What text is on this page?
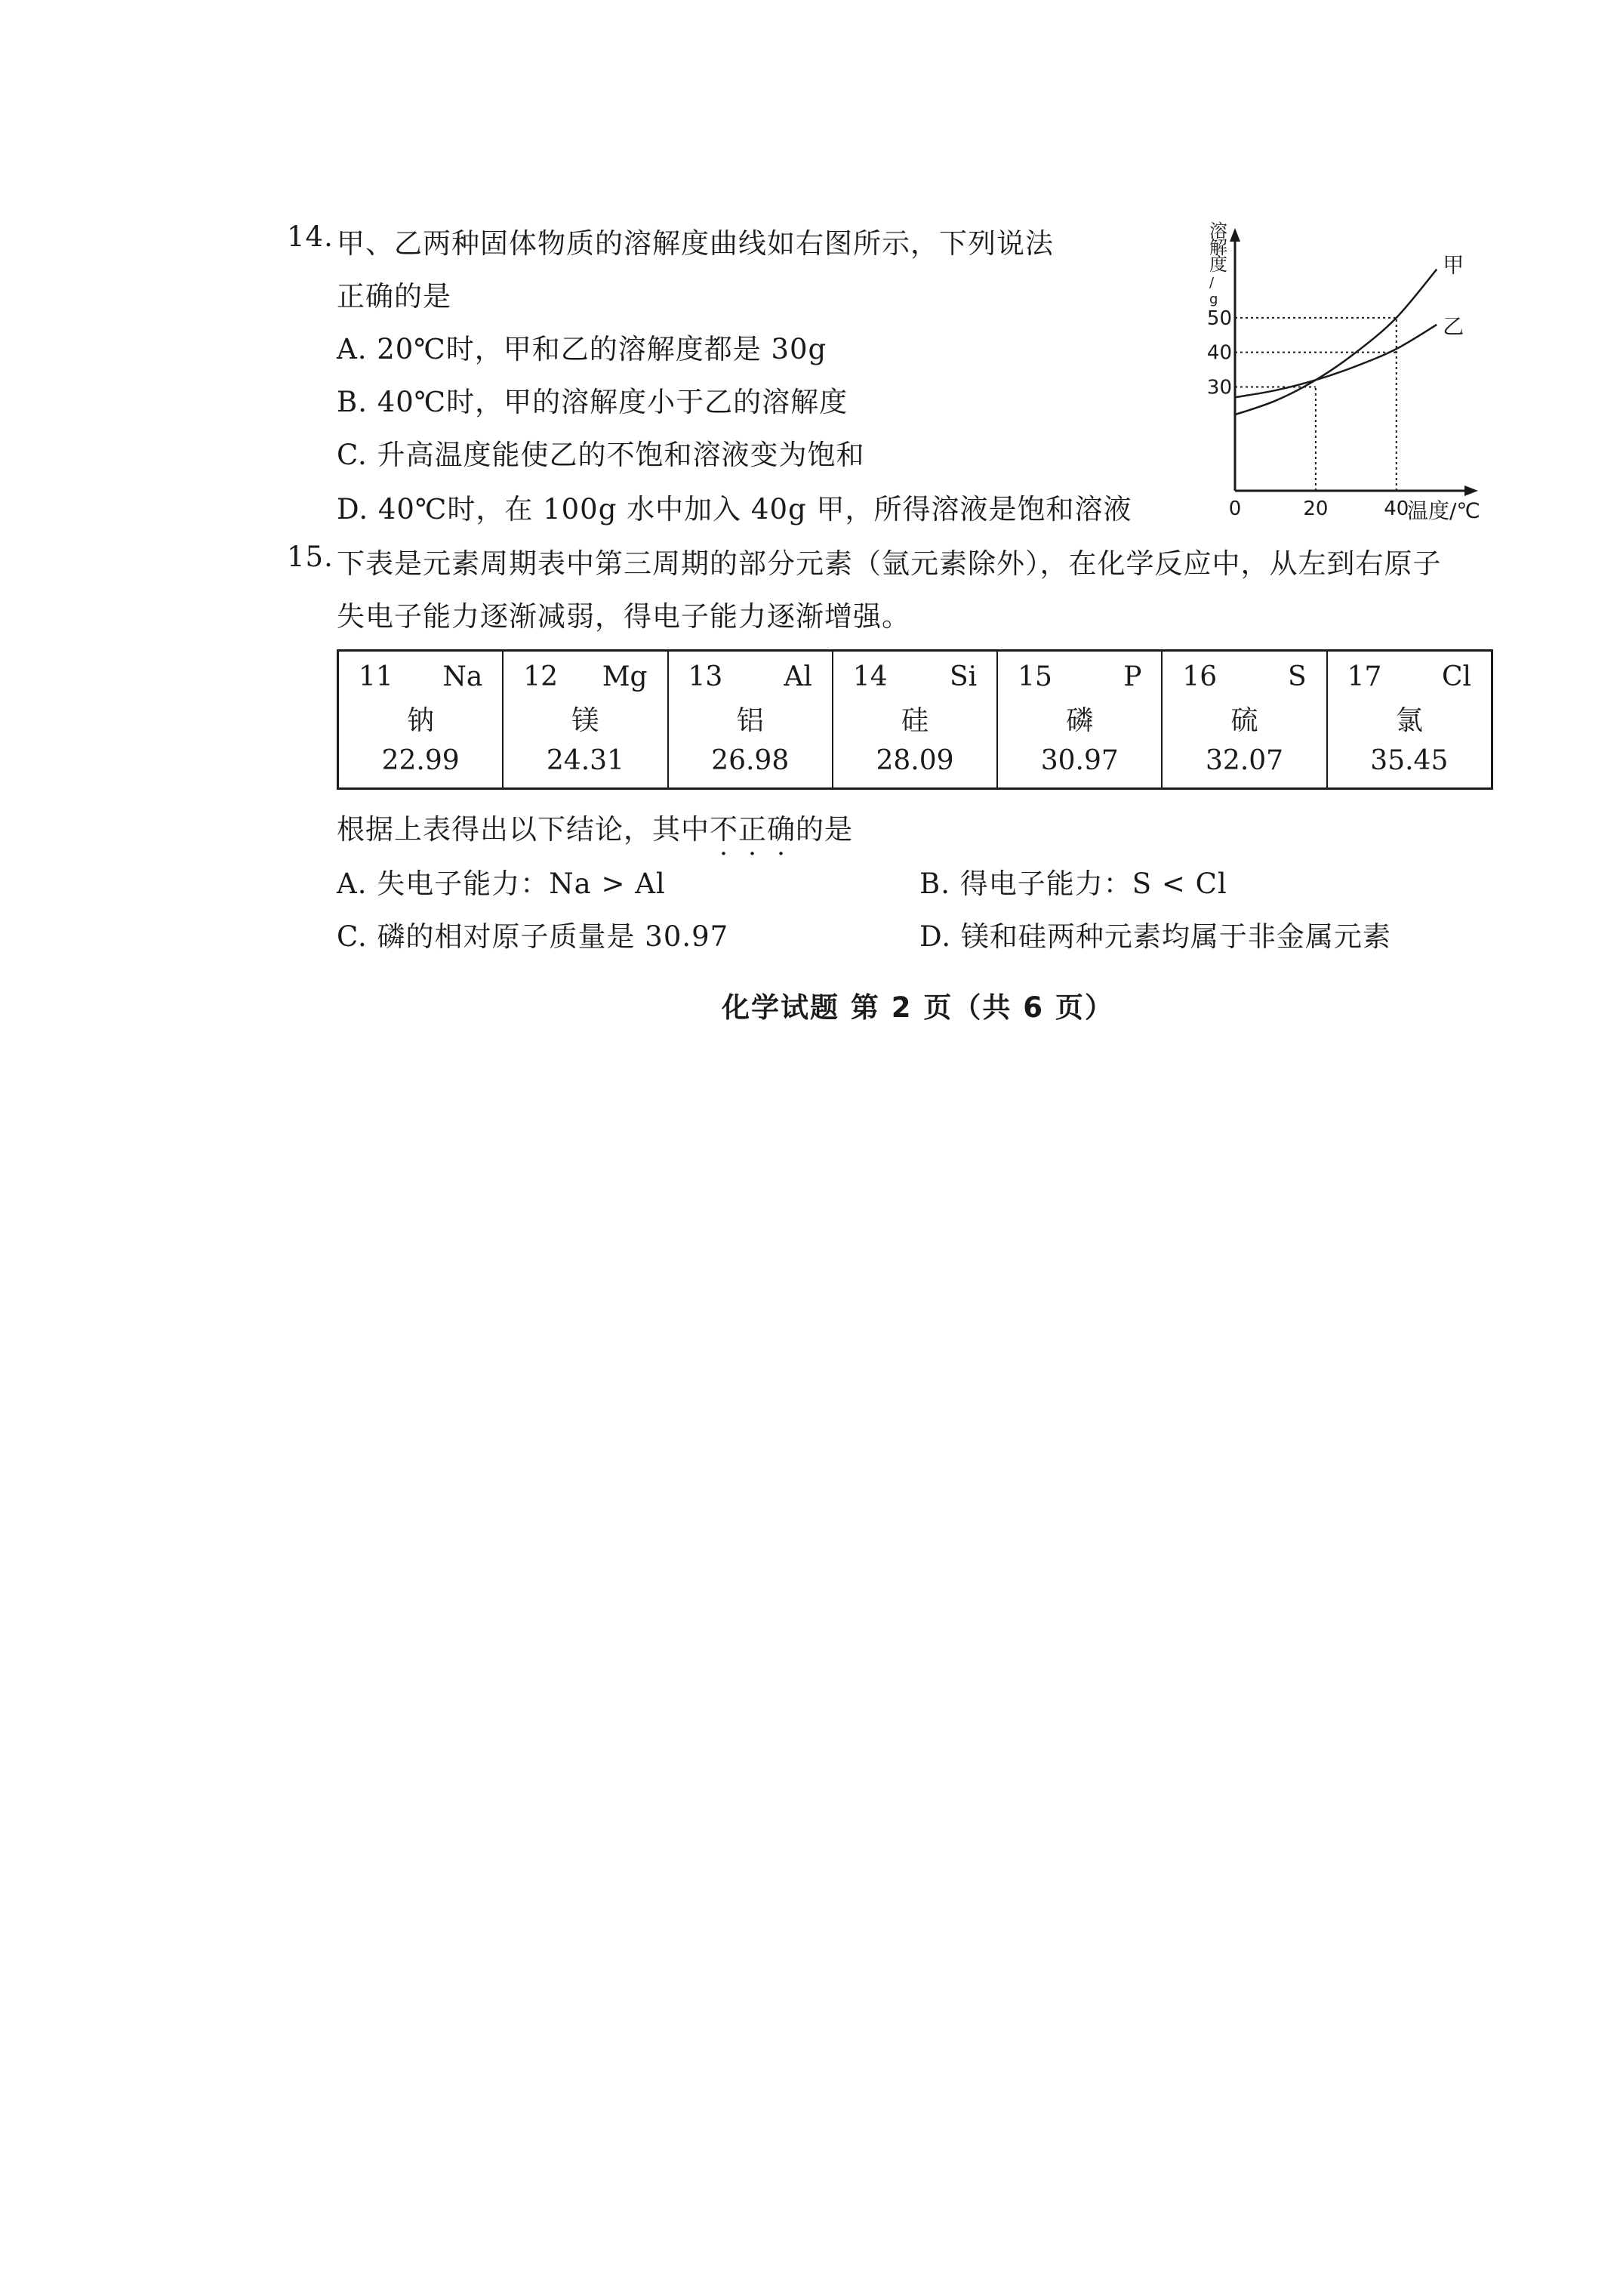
14. 甲、乙两种固体物质的溶解度曲线如右图所示，下列说法
正确的是
A. 20℃时，甲和乙的溶解度都是 30g
B. 40℃时，甲的溶解度小于乙的溶解度
C. 升高温度能使乙的不饱和溶液变为饱和
D. 40℃时，在 100g 水中加入 40g 甲，所得溶液是饱和溶液
溶
解
度
/
g
甲
乙
0	20	40
30
40
50
温度/℃
15. 下表是元素周期表中第三周期的部分元素（氩元素除外），在化学反应中，从左到右原子
失电子能力逐渐减弱，得电子能力逐渐增强。
11 Na
钠
22.99
12 Mg
镁
24.31
13 Al
铝
26.98
14 Si
硅
28.09
15	P
磷
30.97
16	S
硫
32.07
17 Cl
氯
35.45
根据上表得出以下结论，其中不正确的是
A. 失电子能力：Na > Al	B. 得电子能力：S < Cl
C. 磷的相对原子质量是 30.97	D. 镁和硅两种元素均属于非金属元素
化学试题 第 2 页（共 6 页）
